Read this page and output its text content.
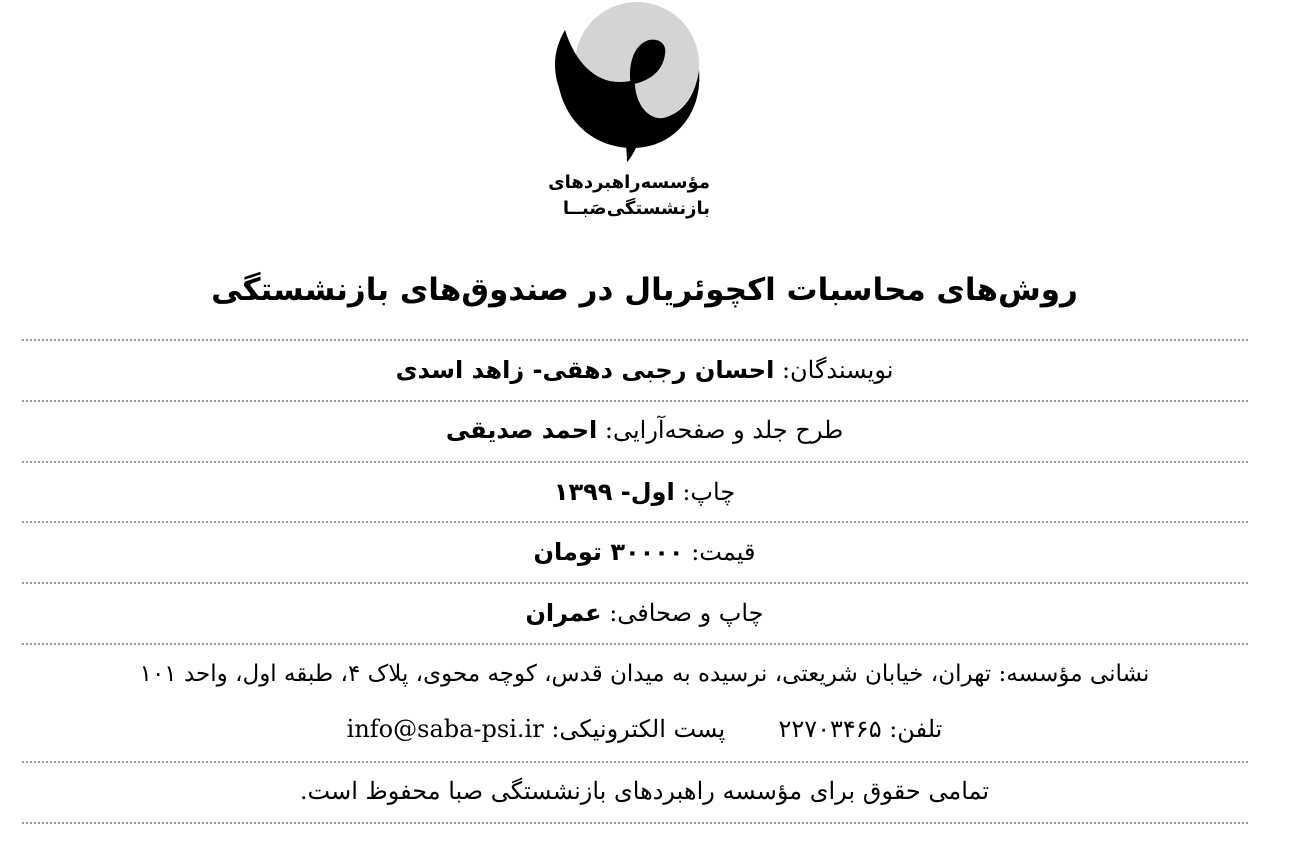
مؤسسه‌راهبردهای
بازنشستگی‌صَبــا
روش‌های محاسبات اکچوئریال در صندوق‌های بازنشستگی
نویسندگان: احسان رجبی دهقی- زاهد اسدی
طرح جلد و صفحه‌آرایی: احمد صدیقی
چاپ: اول- ۱۳۹۹
قیمت: ۳۰۰۰۰ تومان
چاپ و صحافی: عمران
نشانی مؤسسه: تهران، خیابان شریعتی، نرسیده به میدان قدس، کوچه محوی، پلاک ۴، طبقه اول، واحد ۱۰۱
تلفن: ۲۲۷۰۳۴۶۵  پست الکترونیکی: info@saba-psi.ir
تمامی حقوق برای مؤسسه راهبردهای بازنشستگی صبا محفوظ است.
